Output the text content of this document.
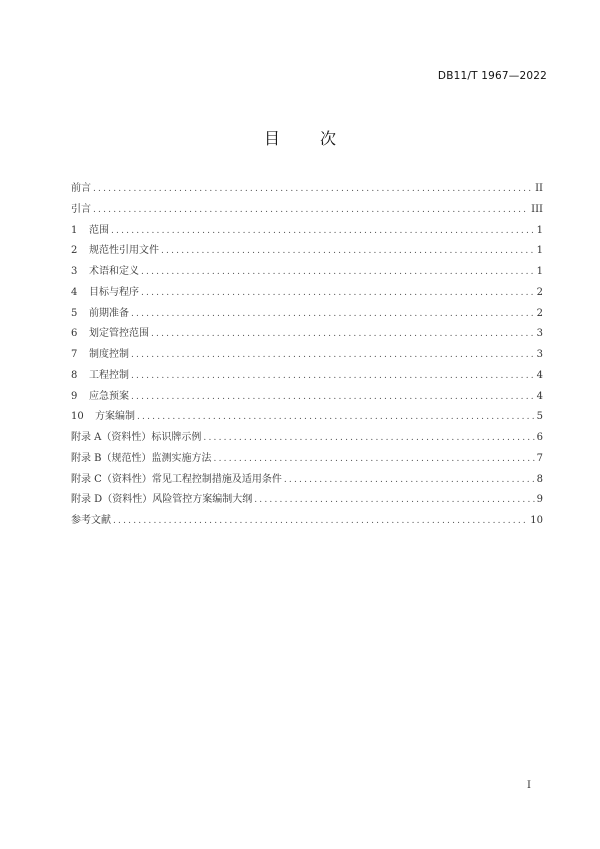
DB11/T 1967—2022
目	次
前言 .....	II
引言 .....	III
1	范围 .....	1
2	规范性引用文件 .....	1
3	术语和定义 .....	1
4	目标与程序 .....	2
5	前期准备 .....	2
6	划定管控范围 .....	3
7	制度控制 .....	3
8	工程控制 .....	4
9	应急预案 .....	4
10	方案编制 .....	5
附录 A（资料性）标识牌示例 .....	6
附录 B（规范性）监测实施方法 .....	7
附录 C（资料性）常见工程控制措施及适用条件 .....	8
附录 D（资料性）风险管控方案编制大纲 .....	9
参考文献 .....	10
I
